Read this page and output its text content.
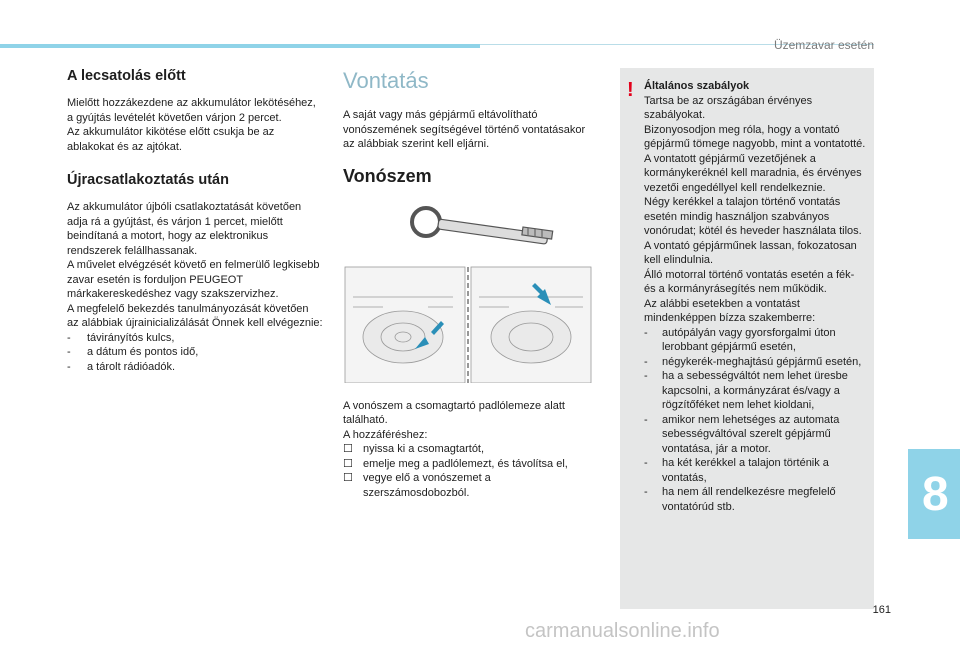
Üzemzavar esetén
A lecsatolás előtt

Mielőtt hozzákezdene az akkumulátor lekötéséhez, a gyújtás levételét követően várjon 2 percet.
Az akkumulátor kikötése előtt csukja be az ablakokat és az ajtókat.

Újracsatlakoztatás után

Az akkumulátor újbóli csatlakoztatását követően adja rá a gyújtást, és várjon 1 percet, mielőtt beindítaná a motort, hogy az elektronikus rendszerek felállhassanak.
A művelet elvégzését követő en felmerülő legkisebb zavar esetén is forduljon PEUGEOT márkakereskedéshez vagy szakszervizhez.
A megfelelő bekezdés tanulmányozását követően az alábbiak újrainicializálását Önnek kell elvégeznie:

- távirányítós kulcs,
- a dátum és pontos idő,
- a tárolt rádióadók.
Vontatás

A saját vagy más gépjármű eltávolítható vonószemének segítségével történő vontatásakor az alábbiak szerint kell eljárni.

Vonószem

A vonószem a csomagtartó padlólemeze alatt található.
A hozzáféréshez:

☐ nyissa ki a csomagtartót,
☐ emelje meg a padlólemezt, és távolítsa el,
☐ vegye elő a vonószemet a szerszámosdobozból.
! Általános szabályok

Tartsa be az országában érvényes szabályokat.
Bizonyosodjon meg róla, hogy a vontató gépjármű tömege nagyobb, mint a vontatotté.
A vontatott gépjármű vezetőjének a kormánykeréknél kell maradnia, és érvényes vezetői engedéllyel kell rendelkeznie.
Négy kerékkel a talajon történő vontatás esetén mindig használjon szabványos vonórudat; kötél és heveder használata tilos.
A vontató gépjárműnek lassan, fokozatosan kell elindulnia.
Álló motorral történő vontatás esetén a fék- és a kormányrásegítés nem működik.
Az alábbi esetekben a vontatást mindenképpen bízza szakemberre:

- autópályán vagy gyorsforgalmi úton lerobbant gépjármű esetén,
- négykerék-meghajtású gépjármű esetén,
- ha a sebességváltót nem lehet üresbe kapcsolni, a kormányzárat és/vagy a rögzítőféket nem lehet kioldani,
- amikor nem lehetséges az automata sebességváltóval szerelt gépjármű vontatása, jár a motor.
- ha két kerékkel a talajon történik a vontatás,
- ha nem áll rendelkezésre megfelelő vontatórúd stb.	8
161
carmanualsonline.info
